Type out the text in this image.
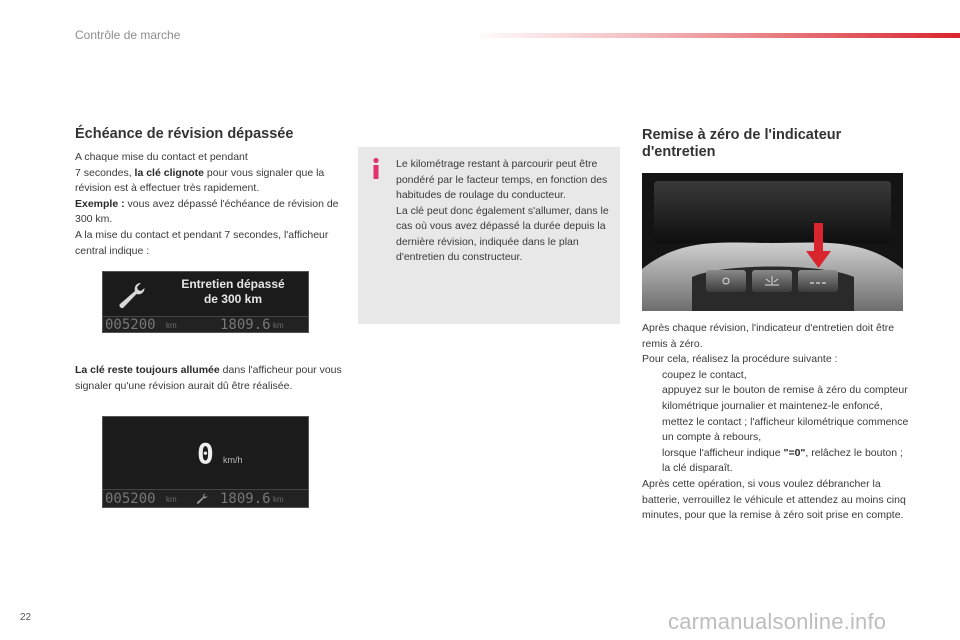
Contrôle de marche
Échéance de révision dépassée
A chaque mise du contact et pendant
7 secondes, la clé clignote pour vous signaler que la révision est à effectuer très rapidement.
Exemple : vous avez dépassé l'échéance de révision de 300 km.
A la mise du contact et pendant 7 secondes, l'afficheur central indique :
Entretien dépassé
de 300 km
005200 km	1809.6 km
La clé reste toujours allumée dans l'afficheur pour vous signaler qu'une révision aurait dû être réalisée.
0 km/h
005200 km	1809.6 km
Le kilométrage restant à parcourir peut être pondéré par le facteur temps, en fonction des habitudes de roulage du conducteur.
La clé peut donc également s'allumer, dans le cas où vous avez dépassé la durée depuis la dernière révision, indiquée dans le plan d'entretien du constructeur.
Remise à zéro de l'indicateur d'entretien
Après chaque révision, l'indicateur d'entretien doit être remis à zéro.
Pour cela, réalisez la procédure suivante :
coupez le contact,
appuyez sur le bouton de remise à zéro du compteur kilométrique journalier et maintenez-le enfoncé,
mettez le contact ; l'afficheur kilométrique commence un compte à rebours,
lorsque l'afficheur indique "=0", relâchez le bouton ; la clé disparaît.
Après cette opération, si vous voulez débrancher la batterie, verrouillez le véhicule et attendez au moins cinq minutes, pour que la remise à zéro soit prise en compte.
22	carmanualsonline.info
